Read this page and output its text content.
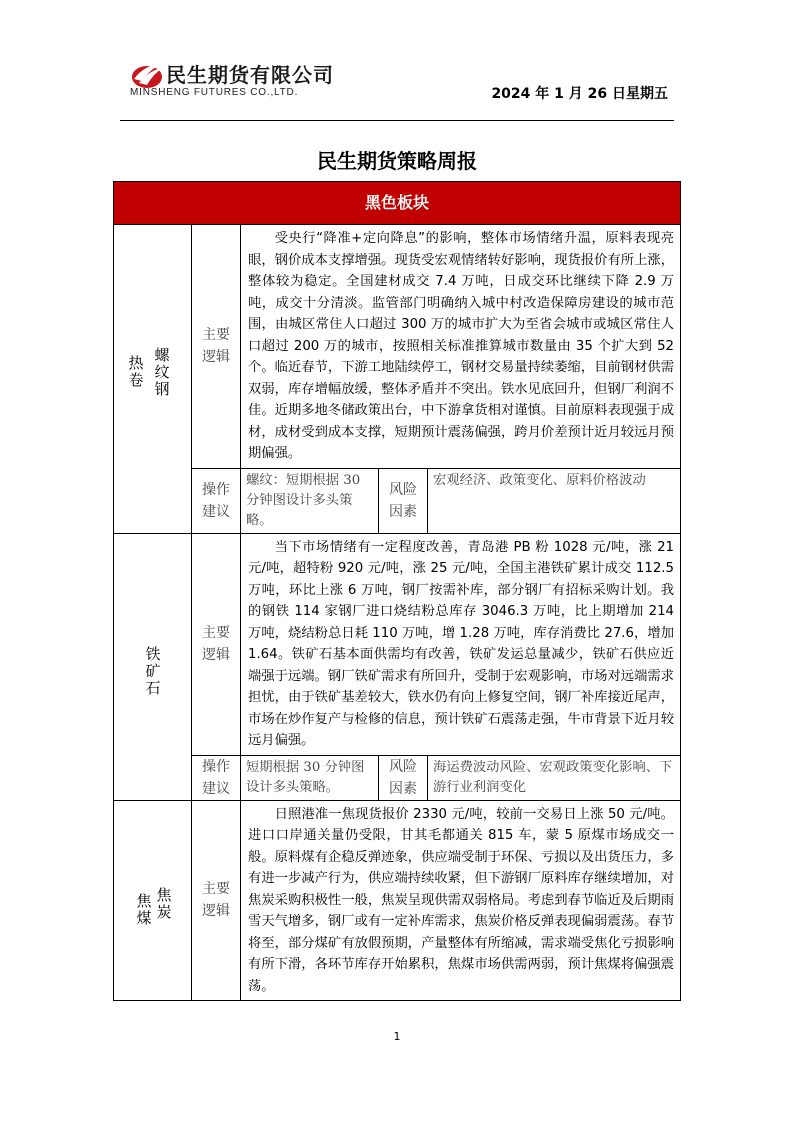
民生期货有限公司
MINSHENG FUTURES CO.,LTD.	2024 年 1 月 26 日星期五
民生期货策略周报
黑色板块
热卷
螺纹钢
主要逻辑
受央行“降准+定向降息”的影响，整体市场情绪升温，原料表现亮眼，钢价成本支撑增强。现货受宏观情绪转好影响，现货报价有所上涨，整体较为稳定。全国建材成交 7.4 万吨，日成交环比继续下降 2.9 万吨，成交十分清淡。监管部门明确纳入城中村改造保障房建设的城市范围，由城区常住人口超过 300 万的城市扩大为至省会城市或城区常住人口超过 200 万的城市，按照相关标准推算城市数量由 35 个扩大到 52 个。临近春节，下游工地陆续停工，钢材交易量持续萎缩，目前钢材供需双弱，库存增幅放缓，整体矛盾并不突出。铁水见底回升，但钢厂利润不佳。近期多地冬储政策出台，中下游拿货相对谨慎。目前原料表现强于成材，成材受到成本支撑，短期预计震荡偏强，跨月价差预计近月较远月预期偏强。
操作建议
螺纹：短期根据 30 分钟图设计多头策略。
风险因素
宏观经济、政策变化、原料价格波动
铁矿石
主要逻辑
当下市场情绪有一定程度改善，青岛港 PB 粉 1028 元/吨，涨 21 元/吨，超特粉 920 元/吨，涨 25 元/吨，全国主港铁矿累计成交 112.5 万吨，环比上涨 6 万吨，钢厂按需补库，部分钢厂有招标采购计划。我的钢铁 114 家钢厂进口烧结粉总库存 3046.3 万吨，比上期增加 214 万吨，烧结粉总日耗 110 万吨，增 1.28 万吨，库存消费比 27.6，增加 1.64。铁矿石基本面供需均有改善，铁矿发运总量减少，铁矿石供应近端强于远端。钢厂铁矿需求有所回升，受制于宏观影响，市场对远端需求担忧，由于铁矿基差较大，铁水仍有向上修复空间，钢厂补库接近尾声，市场在炒作复产与检修的信息，预计铁矿石震荡走强，牛市背景下近月较远月偏强。
操作建议
短期根据 30 分钟图设计多头策略。
风险因素
海运费波动风险、宏观政策变化影响、下游行业利润变化
焦煤
焦炭
主要逻辑
日照港准一焦现货报价 2330 元/吨，较前一交易日上涨 50 元/吨。进口口岸通关量仍受限，甘其毛都通关 815 车，蒙 5 原煤市场成交一般。原料煤有企稳反弹迹象，供应端受制于环保、亏损以及出货压力，多有进一步减产行为，供应端持续收紧，但下游钢厂原料库存继续增加，对焦炭采购积极性一般，焦炭呈现供需双弱格局。考虑到春节临近及后期雨雪天气增多，钢厂或有一定补库需求，焦炭价格反弹表现偏弱震荡。春节将至，部分煤矿有放假预期，产量整体有所缩减，需求端受焦化亏损影响有所下滑，各环节库存开始累积，焦煤市场供需两弱，预计焦煤将偏强震荡。
1
